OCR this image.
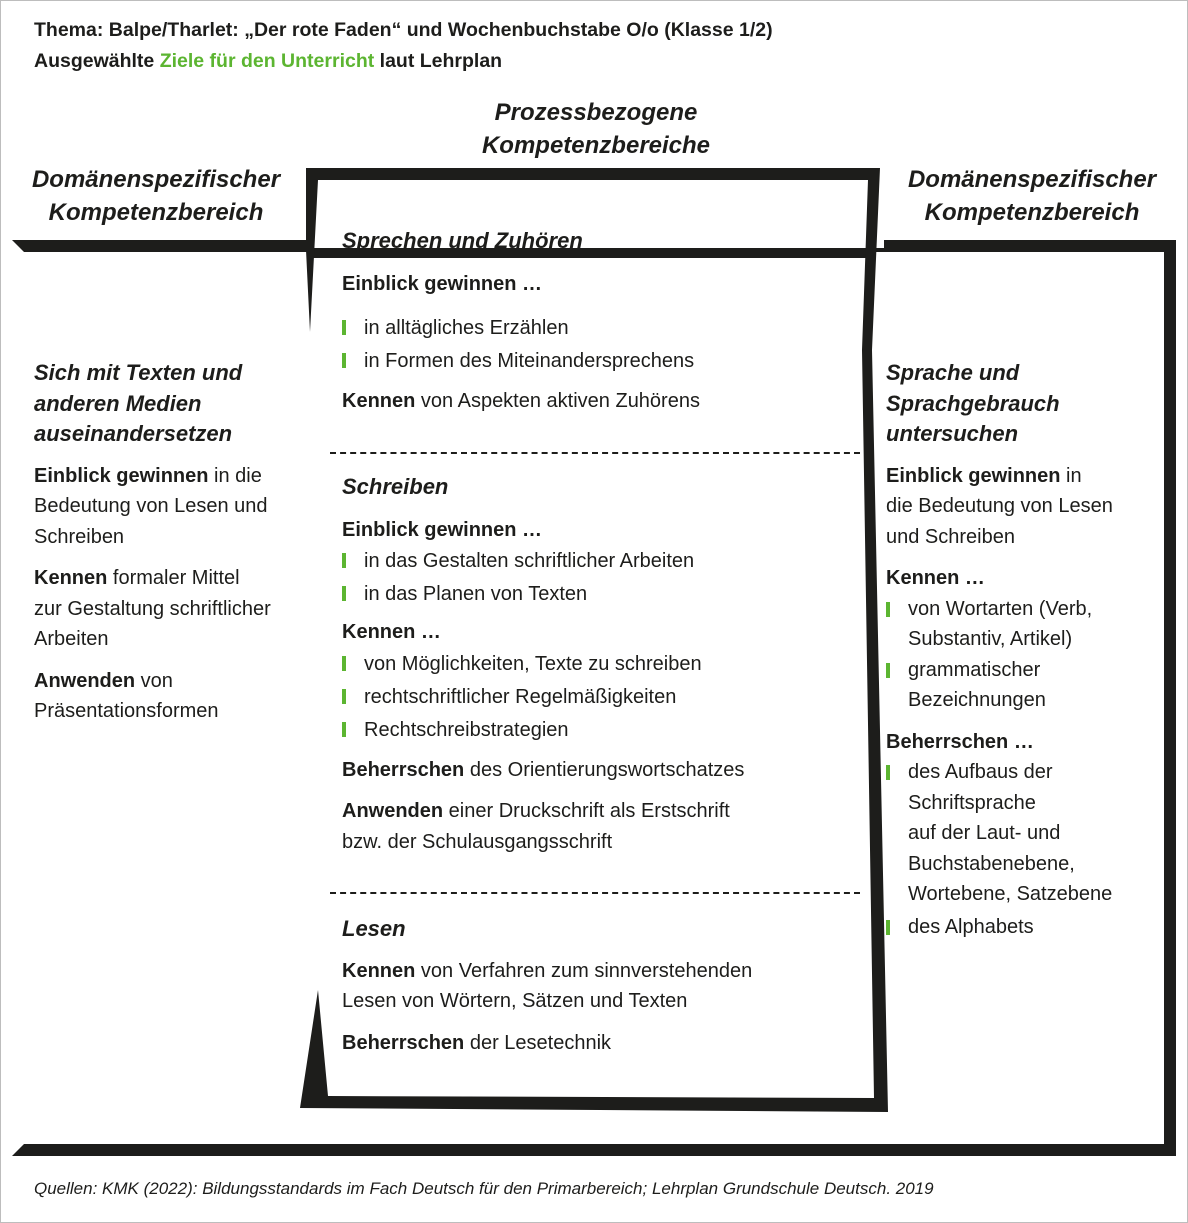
Thema: Balpe/Tharlet: „Der rote Faden“ und Wochenbuchstabe O/o (Klasse 1/2)
Ausgewählte Ziele für den Unterricht laut Lehrplan
Prozessbezogene
Kompetenzbereiche
Domänenspezifischer
Kompetenzbereich
Domänenspezifischer
Kompetenzbereich
Sich mit Texten und
anderen Medien
auseinandersetzen
Einblick gewinnen in die
Bedeutung von Lesen und
Schreiben
Kennen formaler Mittel
zur Gestaltung schriftlicher
Arbeiten
Anwenden von
Präsentationsformen
Sprechen und Zuhören
Einblick gewinnen …
in alltägliches Erzählen
in Formen des Miteinandersprechens
Kennen von Aspekten aktiven Zuhörens
Schreiben
Einblick gewinnen …
in das Gestalten schriftlicher Arbeiten
in das Planen von Texten
Kennen …
von Möglichkeiten, Texte zu schreiben
rechtschriftlicher Regelmäßigkeiten
Rechtschreibstrategien
Beherrschen des Orientierungswortschatzes
Anwenden einer Druckschrift als Erstschrift
bzw. der Schulausgangsschrift
Lesen
Kennen von Verfahren zum sinnverstehenden
Lesen von Wörtern, Sätzen und Texten
Beherrschen der Lesetechnik
Sprache und
Sprachgebrauch
untersuchen
Einblick gewinnen in
die Bedeutung von Lesen
und Schreiben
Kennen …
von Wortarten (Verb,
Substantiv, Artikel)
grammatischer
Bezeichnungen
Beherrschen …
des Aufbaus der
Schriftsprache
auf der Laut- und
Buchstabenebene,
Wortebene, Satzebene
des Alphabets
Quellen: KMK (2022): Bildungsstandards im Fach Deutsch für den Primarbereich; Lehrplan Grundschule Deutsch. 2019
